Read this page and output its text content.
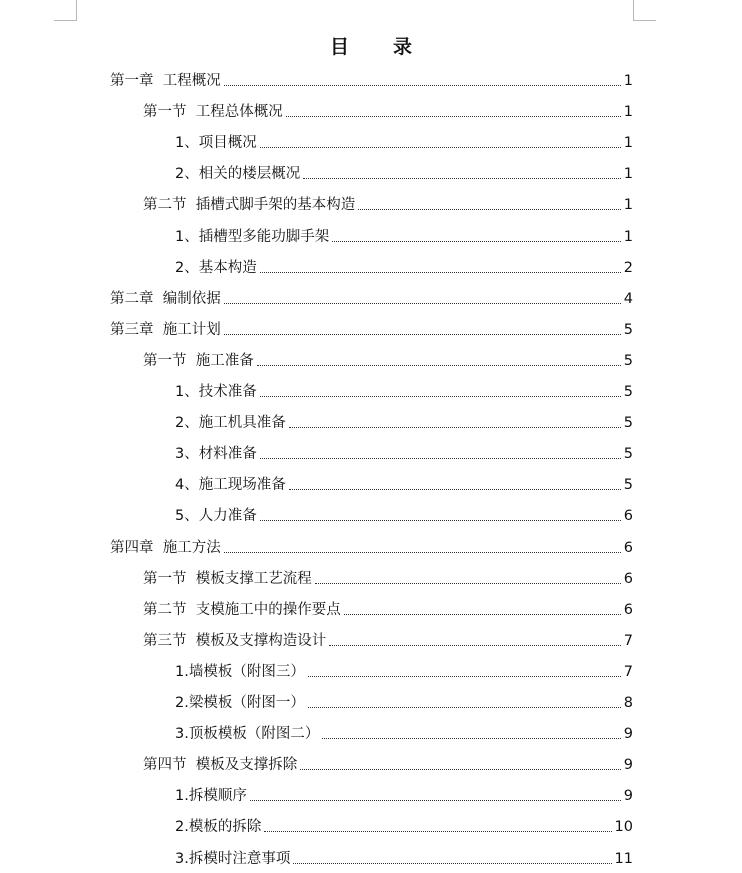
目 录
第一章  工程概况	1
第一节  工程总体概况	1
1、项目概况	1
2、相关的楼层概况	1
第二节  插槽式脚手架的基本构造	1
1、插槽型多能功脚手架	1
2、基本构造	2
第二章  编制依据	4
第三章  施工计划	5
第一节  施工准备	5
1、技术准备	5
2、施工机具准备	5
3、材料准备	5
4、施工现场准备	5
5、人力准备	6
第四章  施工方法	6
第一节  模板支撑工艺流程	6
第二节  支模施工中的操作要点	6
第三节  模板及支撑构造设计	7
1.墙模板（附图三）	7
2.梁模板（附图一）	8
3.顶板模板（附图二）	9
第四节  模板及支撑拆除	9
1.拆模顺序	9
2.模板的拆除	10
3.拆模时注意事项	11
